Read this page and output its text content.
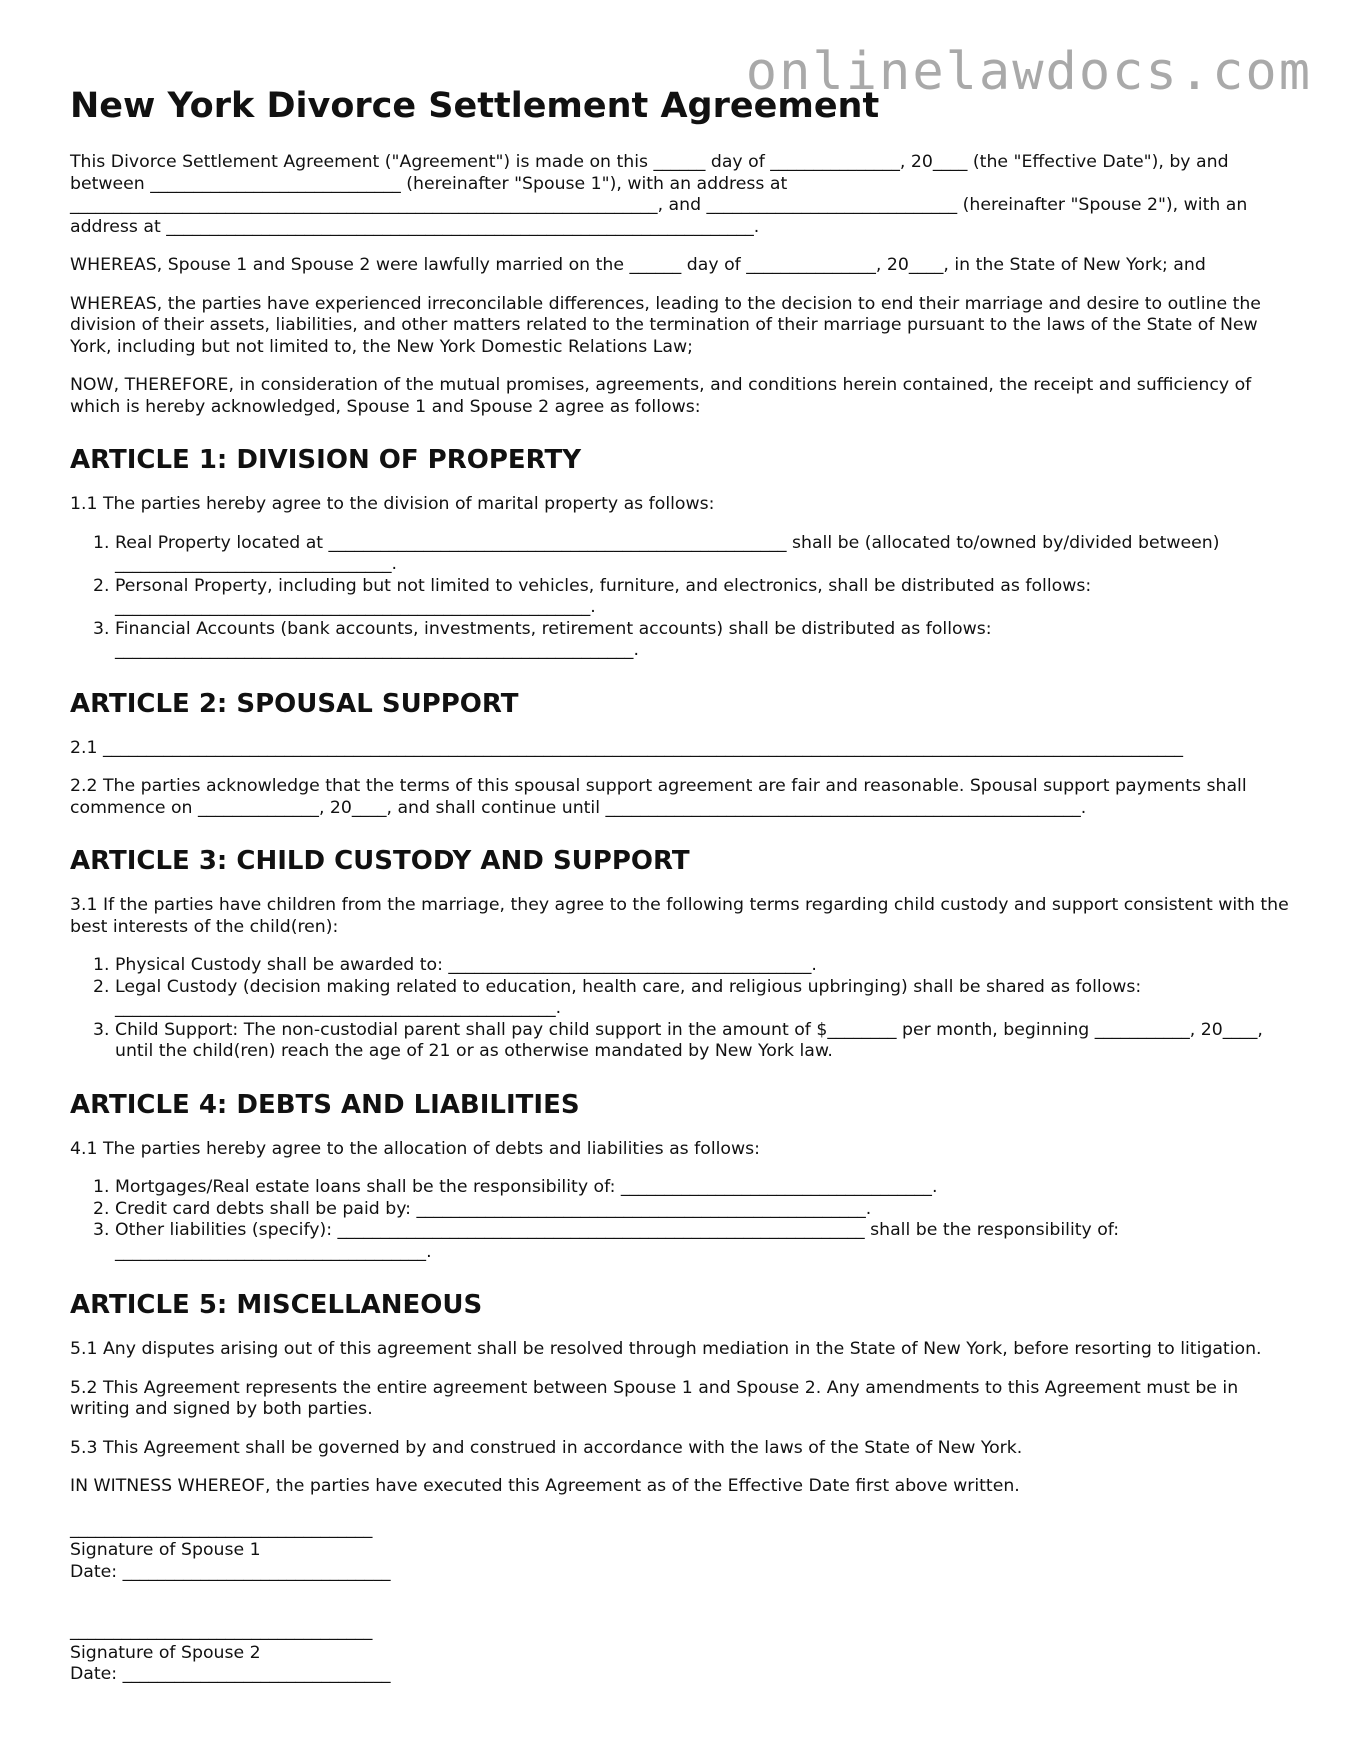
onlinelawdocs.com
New York Divorce Settlement Agreement

This Divorce Settlement Agreement ("Agreement") is made on this ______ day of _______________, 20____ (the "Effective Date"), by and between _____________________________ (hereinafter "Spouse 1"), with an address at ____________________________________________________________________, and _____________________________ (hereinafter "Spouse 2"), with an address at ____________________________________________________________________.

WHEREAS, Spouse 1 and Spouse 2 were lawfully married on the ______ day of _______________, 20____, in the State of New York; and

WHEREAS, the parties have experienced irreconcilable differences, leading to the decision to end their marriage and desire to outline the division of their assets, liabilities, and other matters related to the termination of their marriage pursuant to the laws of the State of New York, including but not limited to, the New York Domestic Relations Law;

NOW, THEREFORE, in consideration of the mutual promises, agreements, and conditions herein contained, the receipt and sufficiency of which is hereby acknowledged, Spouse 1 and Spouse 2 agree as follows:

ARTICLE 1: DIVISION OF PROPERTY

1.1 The parties hereby agree to the division of marital property as follows:

1. Real Property located at _____________________________________________________ shall be (allocated to/owned by/divided between) ________________________________.
2. Personal Property, including but not limited to vehicles, furniture, and electronics, shall be distributed as follows: _______________________________________________________.
3. Financial Accounts (bank accounts, investments, retirement accounts) shall be distributed as follows: ____________________________________________________________.
ARTICLE 2: SPOUSAL SUPPORT

2.1 _____________________________________________________________________________________________________________________________

2.2 The parties acknowledge that the terms of this spousal support agreement are fair and reasonable. Spousal support payments shall commence on ______________, 20____, and shall continue until _______________________________________________________.

ARTICLE 3: CHILD CUSTODY AND SUPPORT

3.1 If the parties have children from the marriage, they agree to the following terms regarding child custody and support consistent with the best interests of the child(ren):

1. Physical Custody shall be awarded to: __________________________________________.
2. Legal Custody (decision making related to education, health care, and religious upbringing) shall be shared as follows: ___________________________________________________.
3. Child Support: The non-custodial parent shall pay child support in the amount of $________ per month, beginning ___________, 20____, until the child(ren) reach the age of 21 or as otherwise mandated by New York law.
ARTICLE 4: DEBTS AND LIABILITIES

4.1 The parties hereby agree to the allocation of debts and liabilities as follows:

1. Mortgages/Real estate loans shall be the responsibility of: ____________________________________.
2. Credit card debts shall be paid by: ____________________________________________________.
3. Other liabilities (specify): _____________________________________________________________ shall be the responsibility of: ____________________________________.
ARTICLE 5: MISCELLANEOUS

5.1 Any disputes arising out of this agreement shall be resolved through mediation in the State of New York, before resorting to litigation.

5.2 This Agreement represents the entire agreement between Spouse 1 and Spouse 2. Any amendments to this Agreement must be in writing and signed by both parties.

5.3 This Agreement shall be governed by and construed in accordance with the laws of the State of New York.

IN WITNESS WHEREOF, the parties have executed this Agreement as of the Effective Date first above written.

___________________________________
Signature of Spouse 1
Date: _______________________________
___________________________________
Signature of Spouse 2
Date: _______________________________
